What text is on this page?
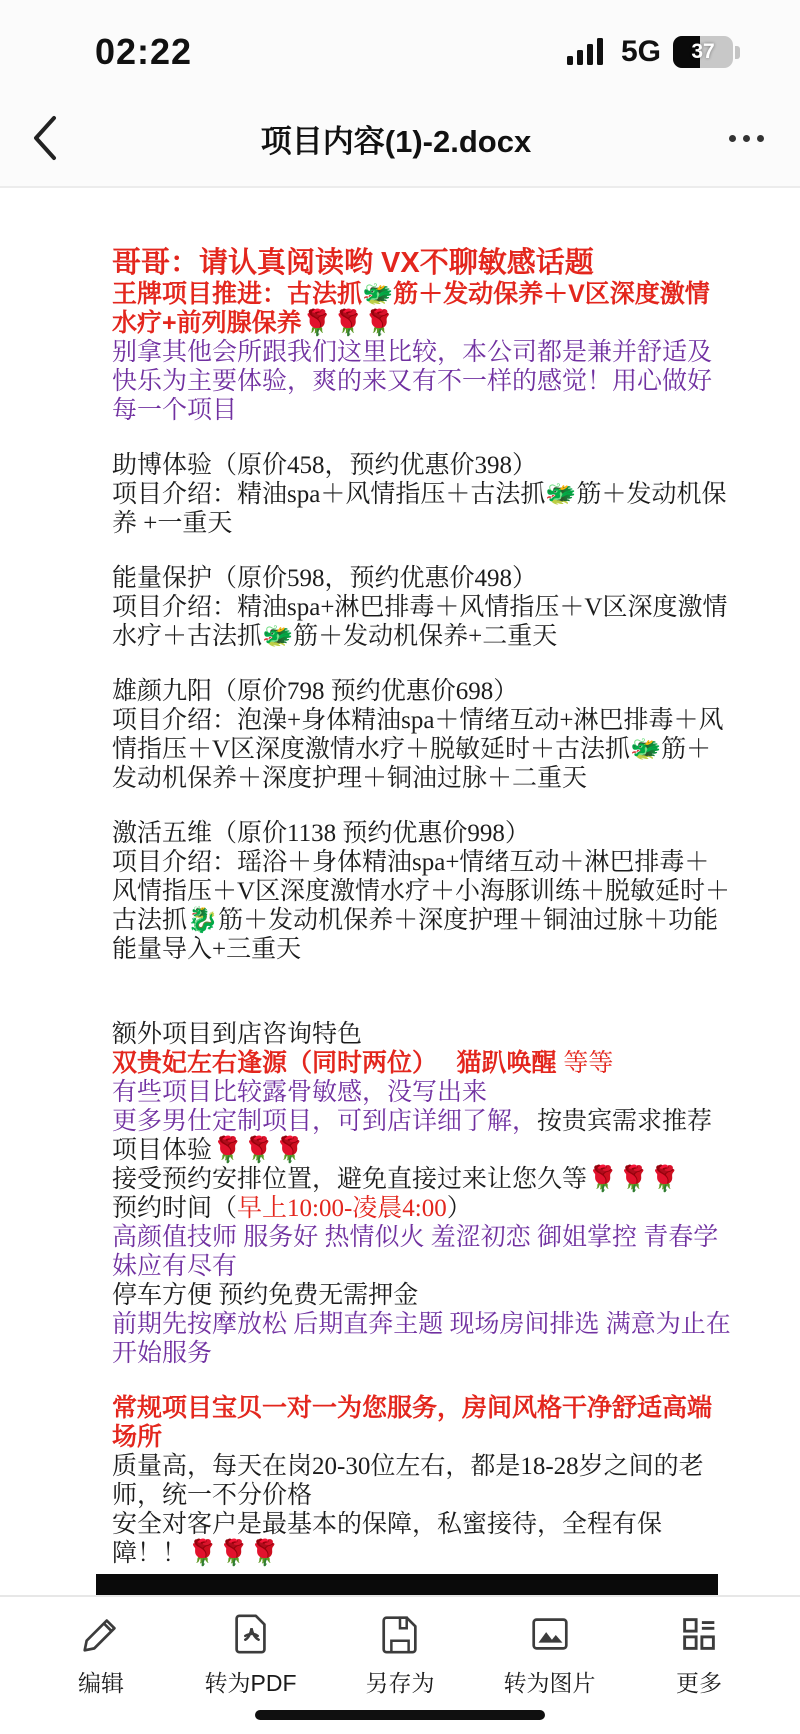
02:22	5G	37
项目内容(1)-2.docx
哥哥：请认真阅读哟 VX不聊敏感话题
王牌项目推进：古法抓🐲筋＋发动保养＋V区深度激情水疗+前列腺保养🌹🌹🌹
别拿其他会所跟我们这里比较，本公司都是兼并舒适及快乐为主要体验，爽的来又有不一样的感觉！用心做好每一个项目
助博体验（原价458，预约优惠价398）
项目介绍：精油spa＋风情指压＋古法抓🐲筋＋发动机保养 +一重天
能量保护（原价598，预约优惠价498）
项目介绍：精油spa+淋巴排毒＋风情指压＋V区深度激情水疗＋古法抓🐲筋＋发动机保养+二重天
雄颜九阳（原价798 预约优惠价698）
项目介绍：泡澡+身体精油spa＋情绪互动+淋巴排毒＋风情指压＋V区深度激情水疗＋脱敏延时＋古法抓🐲筋＋发动机保养＋深度护理＋铜油过脉＋二重天
激活五维（原价1138 预约优惠价998）
项目介绍：瑶浴＋身体精油spa+情绪互动＋淋巴排毒＋风情指压＋V区深度激情水疗＋小海豚训练＋脱敏延时＋古法抓🐉筋＋发动机保养＋深度护理＋铜油过脉＋功能能量导入+三重天
额外项目到店咨询特色
双贵妃左右逢源（同时两位）　 猫趴唤醒 等等
有些项目比较露骨敏感，没写出来
更多男仕定制项目，可到店详细了解，按贵宾需求推荐项目体验🌹🌹🌹
接受预约安排位置，避免直接过来让您久等🌹🌹🌹
预约时间（早上10:00-凌晨4:00）
高颜值技师 服务好 热情似火 羞涩初恋 御姐掌控 青春学妹应有尽有
停车方便 预约免费无需押金
前期先按摩放松 后期直奔主题 现场房间排选 满意为止在开始服务
常规项目宝贝一对一为您服务，房间风格干净舒适高端场所
质量高，每天在岗20-30位左右，都是18-28岁之间的老师，统一不分价格
安全对客户是最基本的保障，私蜜接待，全程有保障！！🌹🌹🌹
编辑	转为PDF	另存为	转为图片	更多
